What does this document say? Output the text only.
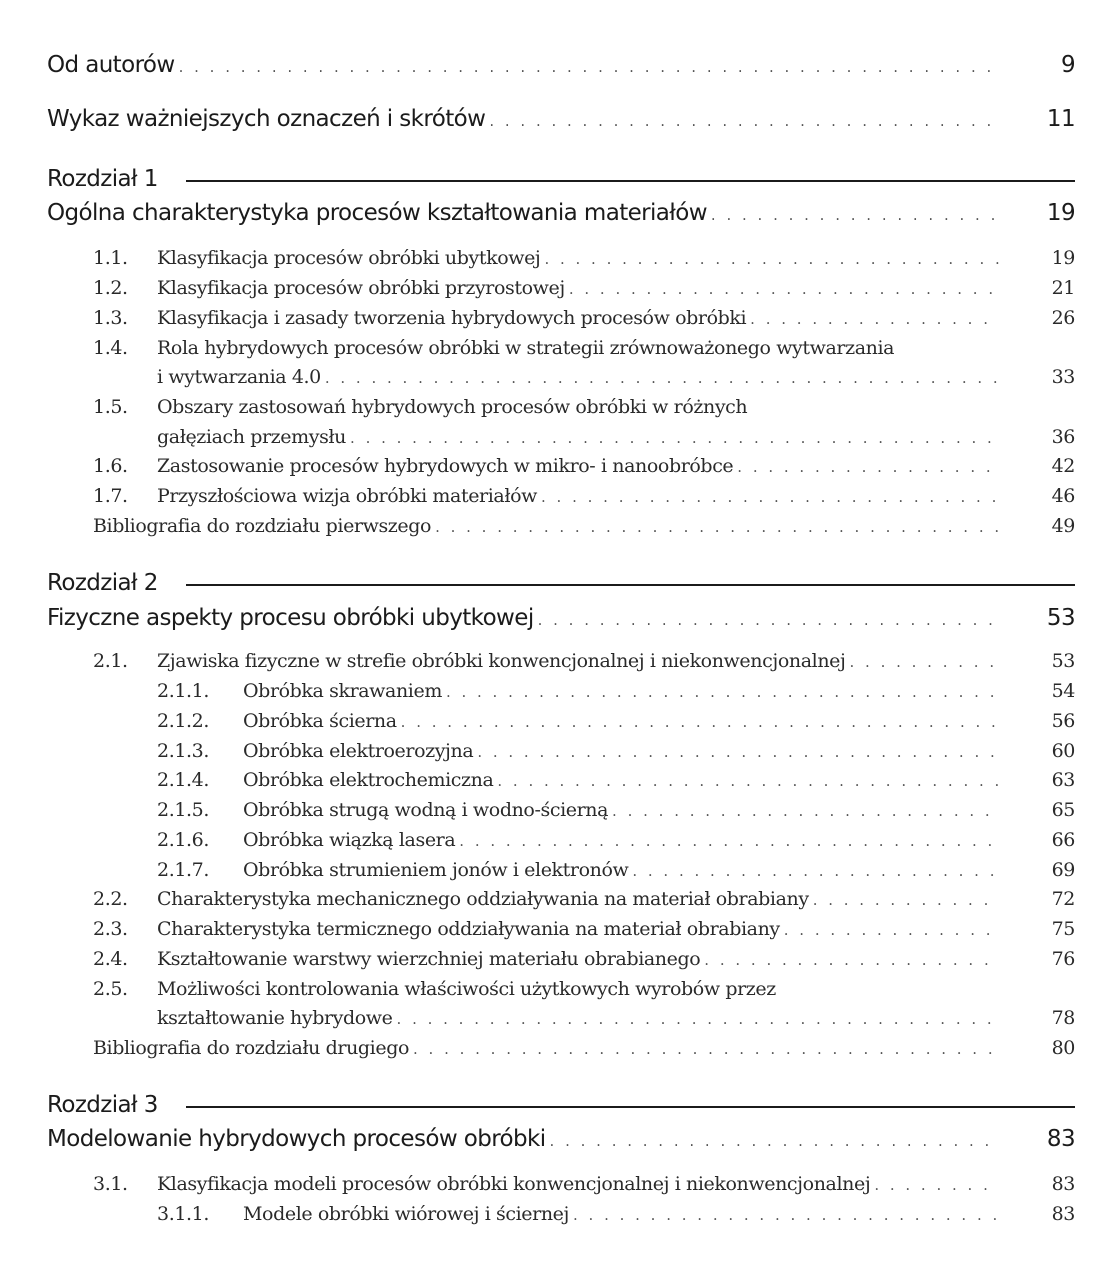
Od autorów . . .	9
Wykaz ważniejszych oznaczeń i skrótów . . .	11
Rozdział 1
Ogólna charakterystyka procesów kształtowania materiałów . . .	19
1.1.	Klasyfikacja procesów obróbki ubytkowej . . .	19
1.2.	Klasyfikacja procesów obróbki przyrostowej . . .	21
1.3.	Klasyfikacja i zasady tworzenia hybrydowych procesów obróbki . . .	26
1.4.	Rola hybrydowych procesów obróbki w strategii zrównoważonego wytwarzania
i wytwarzania 4.0 . . .	33
1.5.	Obszary zastosowań hybrydowych procesów obróbki w różnych
gałęziach przemysłu . . .	36
1.6.	Zastosowanie procesów hybrydowych w mikro- i nanoobróbce . . .	42
1.7.	Przyszłościowa wizja obróbki materiałów . . .	46
Bibliografia do rozdziału pierwszego . . .	49
Rozdział 2
Fizyczne aspekty procesu obróbki ubytkowej . . .	53
2.1.	Zjawiska fizyczne w strefie obróbki konwencjonalnej i niekonwencjonalnej . . .	53
2.1.1.	Obróbka skrawaniem . . .	54
2.1.2.	Obróbka ścierna . . .	56
2.1.3.	Obróbka elektroerozyjna . . .	60
2.1.4.	Obróbka elektrochemiczna . . .	63
2.1.5.	Obróbka strugą wodną i wodno-ścierną . . .	65
2.1.6.	Obróbka wiązką lasera . . .	66
2.1.7.	Obróbka strumieniem jonów i elektronów . . .	69
2.2.	Charakterystyka mechanicznego oddziaływania na materiał obrabiany . . .	72
2.3.	Charakterystyka termicznego oddziaływania na materiał obrabiany . . .	75
2.4.	Kształtowanie warstwy wierzchniej materiału obrabianego . . .	76
2.5.	Możliwości kontrolowania właściwości użytkowych wyrobów przez
kształtowanie hybrydowe . . .	78
Bibliografia do rozdziału drugiego . . .	80
Rozdział 3
Modelowanie hybrydowych procesów obróbki . . .	83
3.1.	Klasyfikacja modeli procesów obróbki konwencjonalnej i niekonwencjonalnej . . .	83
3.1.1.	Modele obróbki wiórowej i ściernej . . .	83
